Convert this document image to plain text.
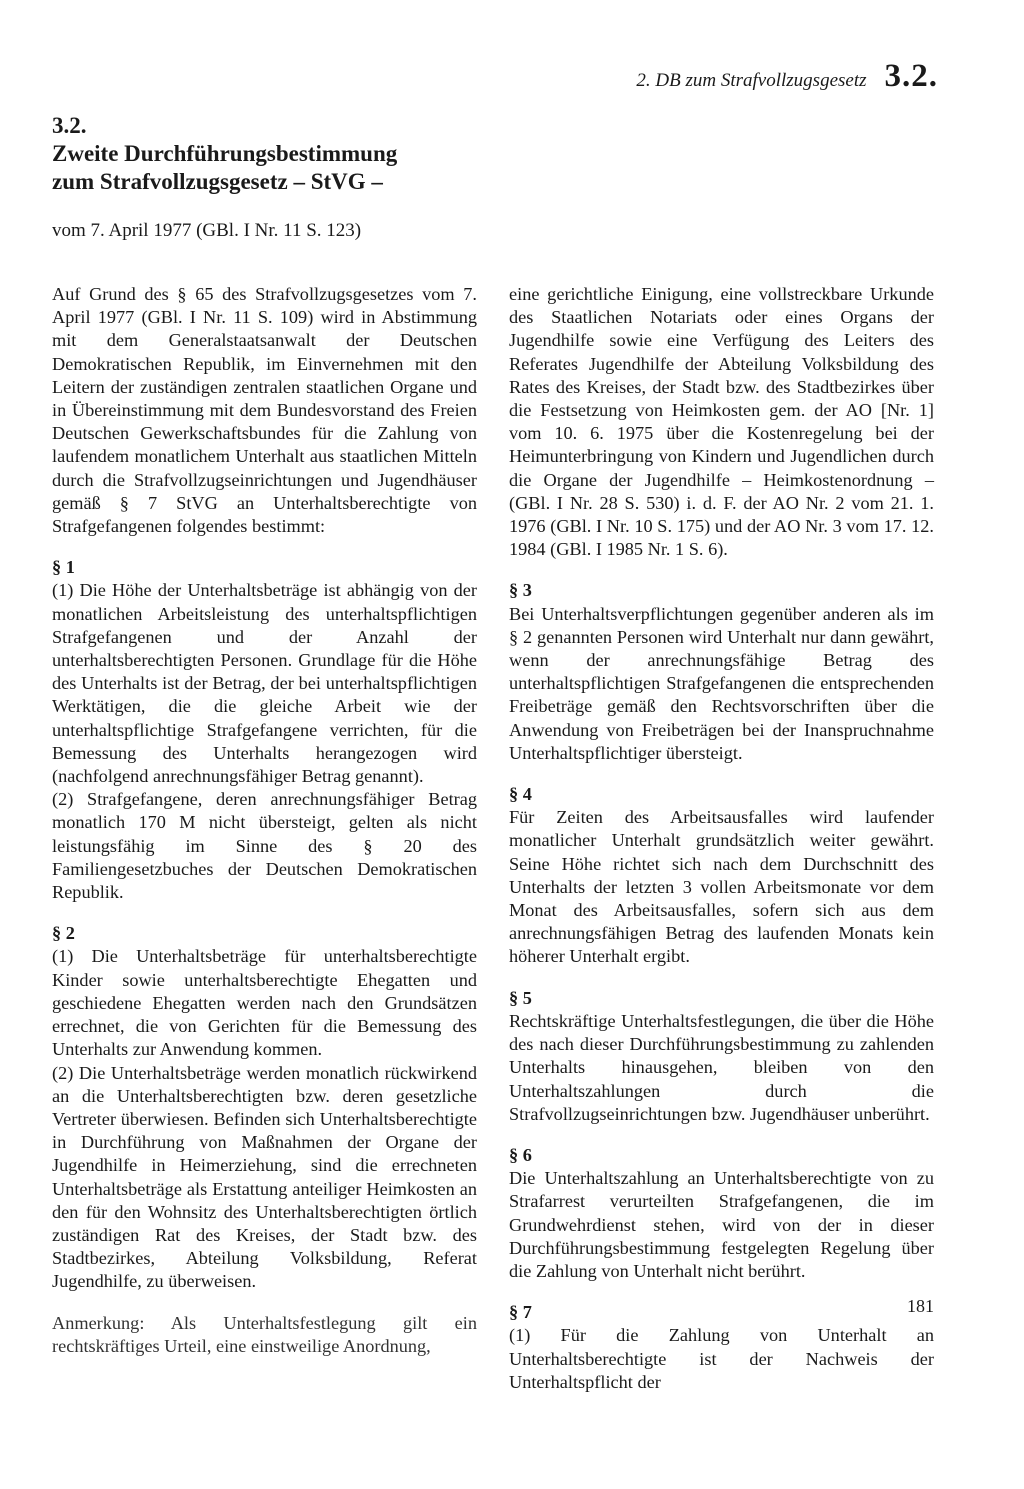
2. DB zum Strafvollzugsgesetz 3.2.
3.2.
Zweite Durchführungsbestimmung
zum Strafvollzugsgesetz – StVG –
vom 7. April 1977 (GBl. I Nr. 11 S. 123)

Auf Grund des § 65 des Strafvollzugsgesetzes vom 7. April 1977 (GBl. I Nr. 11 S. 109) wird in Abstimmung mit dem Generalstaatsanwalt der Deutschen Demokratischen Republik, im Einvernehmen mit den Leitern der zuständigen zentralen staatlichen Organe und in Übereinstimmung mit dem Bundesvorstand des Freien Deutschen Gewerkschaftsbundes für die Zahlung von laufendem monatlichem Unterhalt aus staatlichen Mitteln durch die Strafvollzugseinrichtungen und Jugendhäuser gemäß § 7 StVG an Unterhaltsberechtigte von Strafgefangenen folgendes bestimmt:

§ 1

(1) Die Höhe der Unterhaltsbeträge ist abhängig von der monatlichen Arbeitsleistung des unterhaltspflichtigen Strafgefangenen und der Anzahl der unterhaltsberechtigten Personen. Grundlage für die Höhe des Unterhalts ist der Betrag, der bei unterhaltspflichtigen Werktätigen, die die gleiche Arbeit wie der unterhaltspflichtige Strafgefangene verrichten, für die Bemessung des Unterhalts herangezogen wird (nachfolgend anrechnungsfähiger Betrag genannt).

(2) Strafgefangene, deren anrechnungsfähiger Betrag monatlich 170 M nicht übersteigt, gelten als nicht leistungsfähig im Sinne des § 20 des Familiengesetzbuches der Deutschen Demokratischen Republik.

§ 2

(1) Die Unterhaltsbeträge für unterhaltsberechtigte Kinder sowie unterhaltsberechtigte Ehegatten und geschiedene Ehegatten werden nach den Grundsätzen errechnet, die von Gerichten für die Bemessung des Unterhalts zur Anwendung kommen.

(2) Die Unterhaltsbeträge werden monatlich rückwirkend an die Unterhaltsberechtigten bzw. deren gesetzliche Vertreter überwiesen. Befinden sich Unterhaltsberechtigte in Durchführung von Maßnahmen der Organe der Jugendhilfe in Heimerziehung, sind die errechneten Unterhaltsbeträge als Erstattung anteiliger Heimkosten an den für den Wohnsitz des Unterhaltsberechtigten örtlich zuständigen Rat des Kreises, der Stadt bzw. des Stadtbezirkes, Abteilung Volksbildung, Referat Jugendhilfe, zu überweisen.

Anmerkung: Als Unterhaltsfestlegung gilt ein rechtskräftiges Urteil, eine einstweilige Anordnung,

eine gerichtliche Einigung, eine vollstreckbare Urkunde des Staatlichen Notariats oder eines Organs der Jugendhilfe sowie eine Verfügung des Leiters des Referates Jugendhilfe der Abteilung Volksbildung des Rates des Kreises, der Stadt bzw. des Stadtbezirkes über die Festsetzung von Heimkosten gem. der AO [Nr. 1] vom 10. 6. 1975 über die Kostenregelung bei der Heimunterbringung von Kindern und Jugendlichen durch die Organe der Jugendhilfe – Heimkostenordnung – (GBl. I Nr. 28 S. 530) i. d. F. der AO Nr. 2 vom 21. 1. 1976 (GBl. I Nr. 10 S. 175) und der AO Nr. 3 vom 17. 12. 1984 (GBl. I 1985 Nr. 1 S. 6).

§ 3

Bei Unterhaltsverpflichtungen gegenüber anderen als im § 2 genannten Personen wird Unterhalt nur dann gewährt, wenn der anrechnungsfähige Betrag des unterhaltspflichtigen Strafgefangenen die entsprechenden Freibeträge gemäß den Rechtsvorschriften über die Anwendung von Freibeträgen bei der Inanspruchnahme Unterhaltspflichtiger übersteigt.

§ 4

Für Zeiten des Arbeitsausfalles wird laufender monatlicher Unterhalt grundsätzlich weiter gewährt. Seine Höhe richtet sich nach dem Durchschnitt des Unterhalts der letzten 3 vollen Arbeitsmonate vor dem Monat des Arbeitsausfalles, sofern sich aus dem anrechnungsfähigen Betrag des laufenden Monats kein höherer Unterhalt ergibt.

§ 5

Rechtskräftige Unterhaltsfestlegungen, die über die Höhe des nach dieser Durchführungsbestimmung zu zahlenden Unterhalts hinausgehen, bleiben von den Unterhaltszahlungen durch die Strafvollzugseinrichtungen bzw. Jugendhäuser unberührt.

§ 6

Die Unterhaltszahlung an Unterhaltsberechtigte von zu Strafarrest verurteilten Strafgefangenen, die im Grundwehrdienst stehen, wird von der in dieser Durchführungsbestimmung festgelegten Regelung über die Zahlung von Unterhalt nicht berührt.

§ 7

(1) Für die Zahlung von Unterhalt an Unterhaltsberechtigte ist der Nachweis der Unterhaltspflicht der

181
